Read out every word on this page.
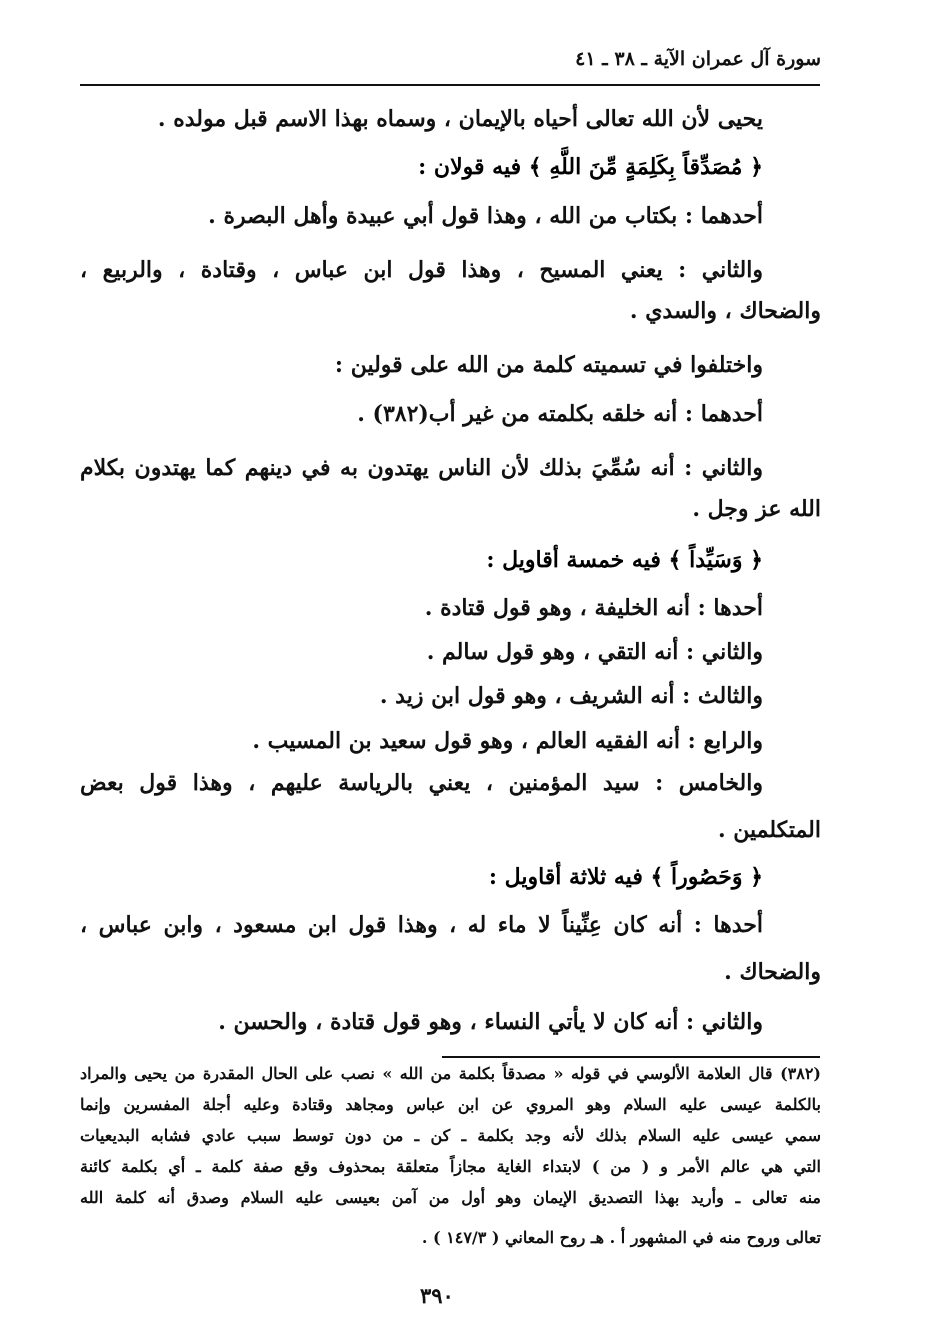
سورة آل عمران الآية ـ ٣٨ ـ ٤١
يحيى لأن الله تعالى أحياه بالإيمان ، وسماه بهذا الاسم قبل مولده .
﴿ مُصَدِّقاً بِكَلِمَةٍ مِّنَ اللَّهِ ﴾ فيه قولان :
أحدهما : بكتاب من الله ، وهذا قول أبي عبيدة وأهل البصرة .
والثاني : يعني المسيح ، وهذا قول ابن عباس ، وقتادة ، والربيع ،
والضحاك ، والسدي .
واختلفوا في تسميته كلمة من الله على قولين :
أحدهما : أنه خلقه بكلمته من غير أب(٣٨٢) .
والثاني : أنه سُمِّيَ بذلك لأن الناس يهتدون به في دينهم كما يهتدون بكلام
الله عز وجل .
﴿ وَسَيِّداً ﴾ فيه خمسة أقاويل :
أحدها : أنه الخليفة ، وهو قول قتادة .
والثاني : أنه التقي ، وهو قول سالم .
والثالث : أنه الشريف ، وهو قول ابن زيد .
والرابع : أنه الفقيه العالم ، وهو قول سعيد بن المسيب .
والخامس : سيد المؤمنين ، يعني بالرياسة عليهم ، وهذا قول بعض
المتكلمين .
﴿ وَحَصُوراً ﴾ فيه ثلاثة أقاويل :
أحدها : أنه كان عِنِّيناً لا ماء له ، وهذا قول ابن مسعود ، وابن عباس ،
والضحاك .
والثاني : أنه كان لا يأتي النساء ، وهو قول قتادة ، والحسن .
(٣٨٢) قال العلامة الألوسي في قوله « مصدقاً بكلمة من الله » نصب على الحال المقدرة من يحيى والمراد
بالكلمة عيسى عليه السلام وهو المروي عن ابن عباس ومجاهد وقتادة وعليه أجلة المفسرين وإنما
سمي عيسى عليه السلام بذلك لأنه وجد بكلمة ـ كن ـ من دون توسط سبب عادي فشابه البديعيات
التي هي عالم الأمر و ( من ) لابتداء الغاية مجازاً متعلقة بمحذوف وقع صفة كلمة ـ أي بكلمة كائنة
منه تعالى ـ وأريد بهذا التصديق الإيمان وهو أول من آمن بعيسى عليه السلام وصدق أنه كلمة الله
تعالى وروح منه في المشهور أ . هـ روح المعاني ( ١٤٧/٣ ) .
٣٩٠
